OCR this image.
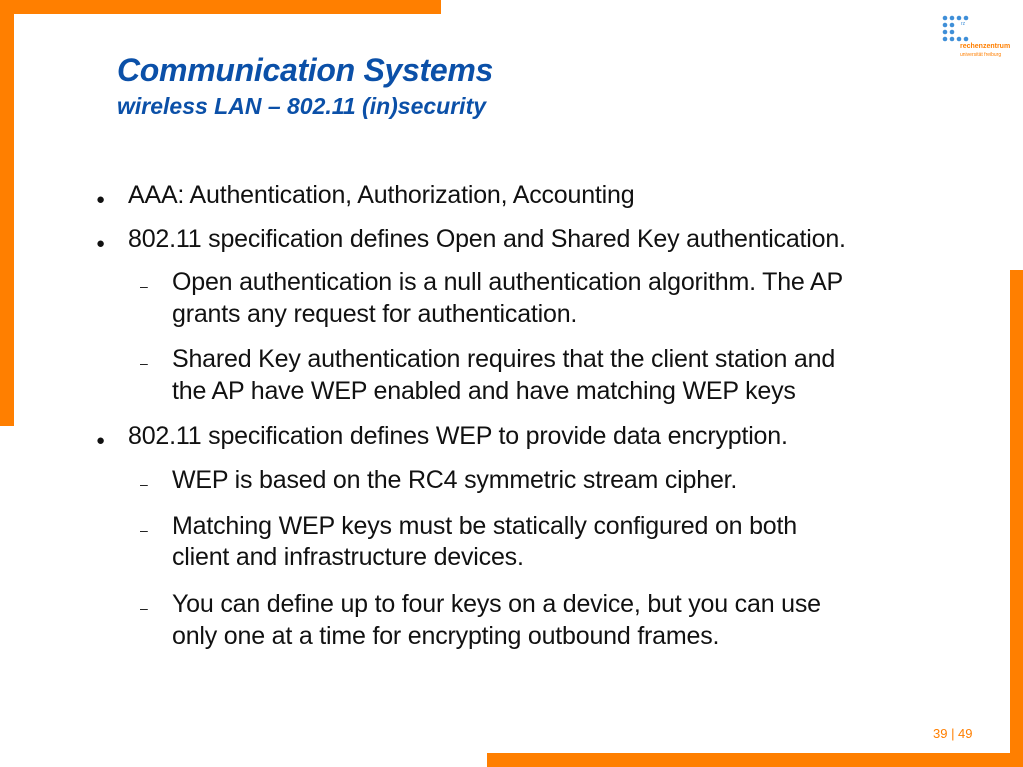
rz
rechenzentrum
universität freiburg
Communication Systems
wireless LAN – 802.11 (in)security
● AAA: Authentication, Authorization, Accounting

● 802.11 specification defines Open and Shared Key authentication.

– Open authentication is a null authentication algorithm. The AP

grants any request for authentication.

– Shared Key authentication requires that the client station and

the AP have WEP enabled and have matching WEP keys

● 802.11 specification defines WEP to provide data encryption.

– WEP is based on the RC4 symmetric stream cipher.

– Matching WEP keys must be statically configured on both

client and infrastructure devices.

– You can define up to four keys on a device, but you can use

only one at a time for encrypting outbound frames.

39 | 49
